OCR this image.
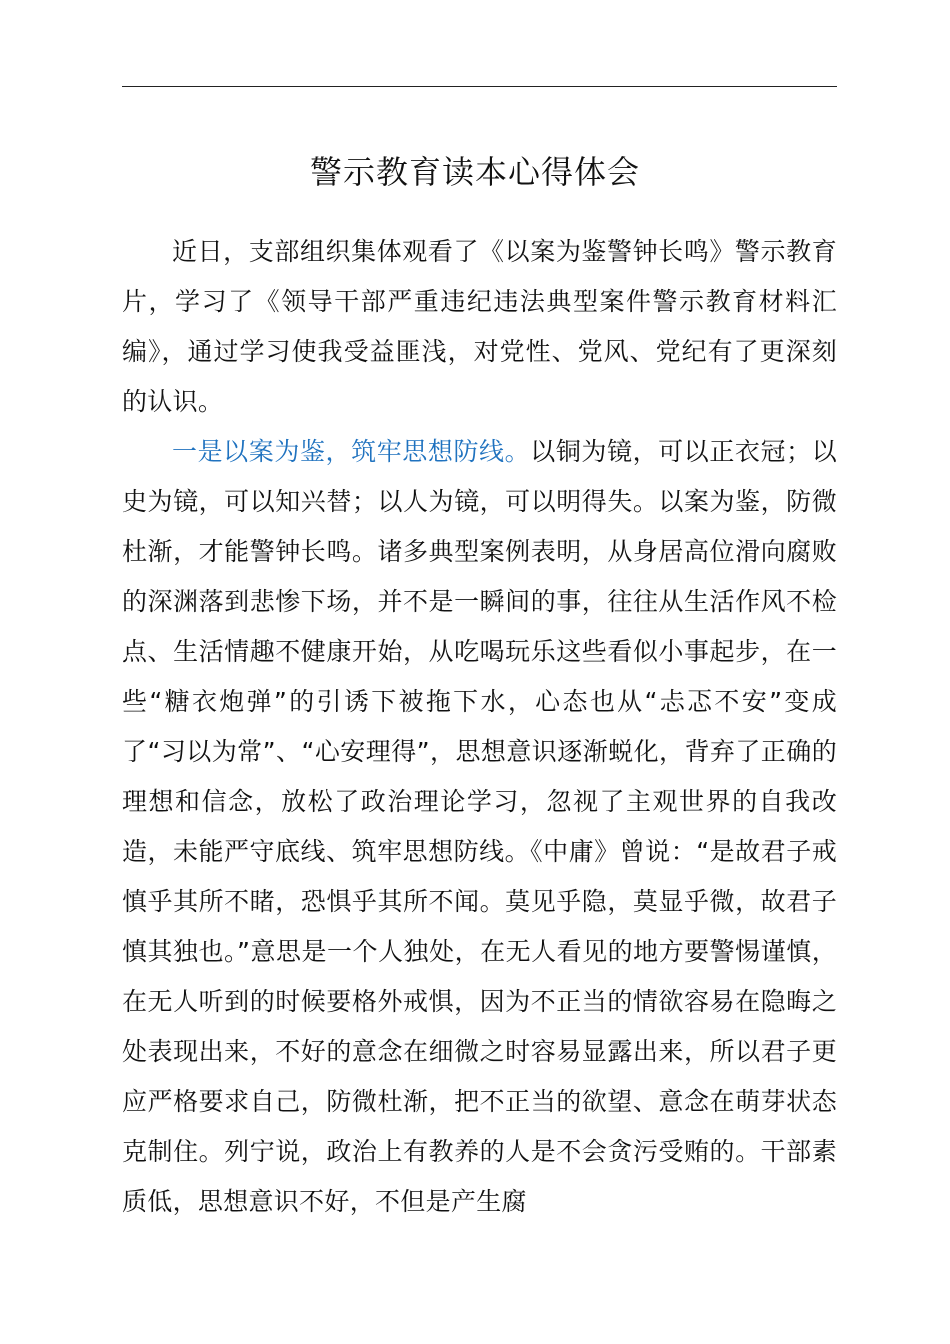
警示教育读本心得体会

近日，支部组织集体观看了《以案为鉴警钟长鸣》警示教育片，学习了《领导干部严重违纪违法典型案件警示教育材料汇编》，通过学习使我受益匪浅，对党性、党风、党纪有了更深刻的认识。

一是以案为鉴，筑牢思想防线。以铜为镜，可以正衣冠；以史为镜，可以知兴替；以人为镜，可以明得失。以案为鉴，防微杜渐，才能警钟长鸣。诸多典型案例表明，从身居高位滑向腐败的深渊落到悲惨下场，并不是一瞬间的事，往往从生活作风不检点、生活情趣不健康开始，从吃喝玩乐这些看似小事起步，在一些“糖衣炮弹”的引诱下被拖下水，心态也从“忐忑不安”变成了“习以为常”、“心安理得”，思想意识逐渐蜕化，背弃了正确的理想和信念，放松了政治理论学习，忽视了主观世界的自我改造，未能严守底线、筑牢思想防线。《中庸》曾说：“是故君子戒慎乎其所不睹，恐惧乎其所不闻。莫见乎隐，莫显乎微，故君子慎其独也。”意思是一个人独处，在无人看见的地方要警惕谨慎，在无人听到的时候要格外戒惧，因为不正当的情欲容易在隐晦之处表现出来，不好的意念在细微之时容易显露出来，所以君子更应严格要求自己，防微杜渐，把不正当的欲望、意念在萌芽状态克制住。列宁说，政治上有教养的人是不会贪污受贿的。干部素质低，思想意识不好，不但是产生腐
